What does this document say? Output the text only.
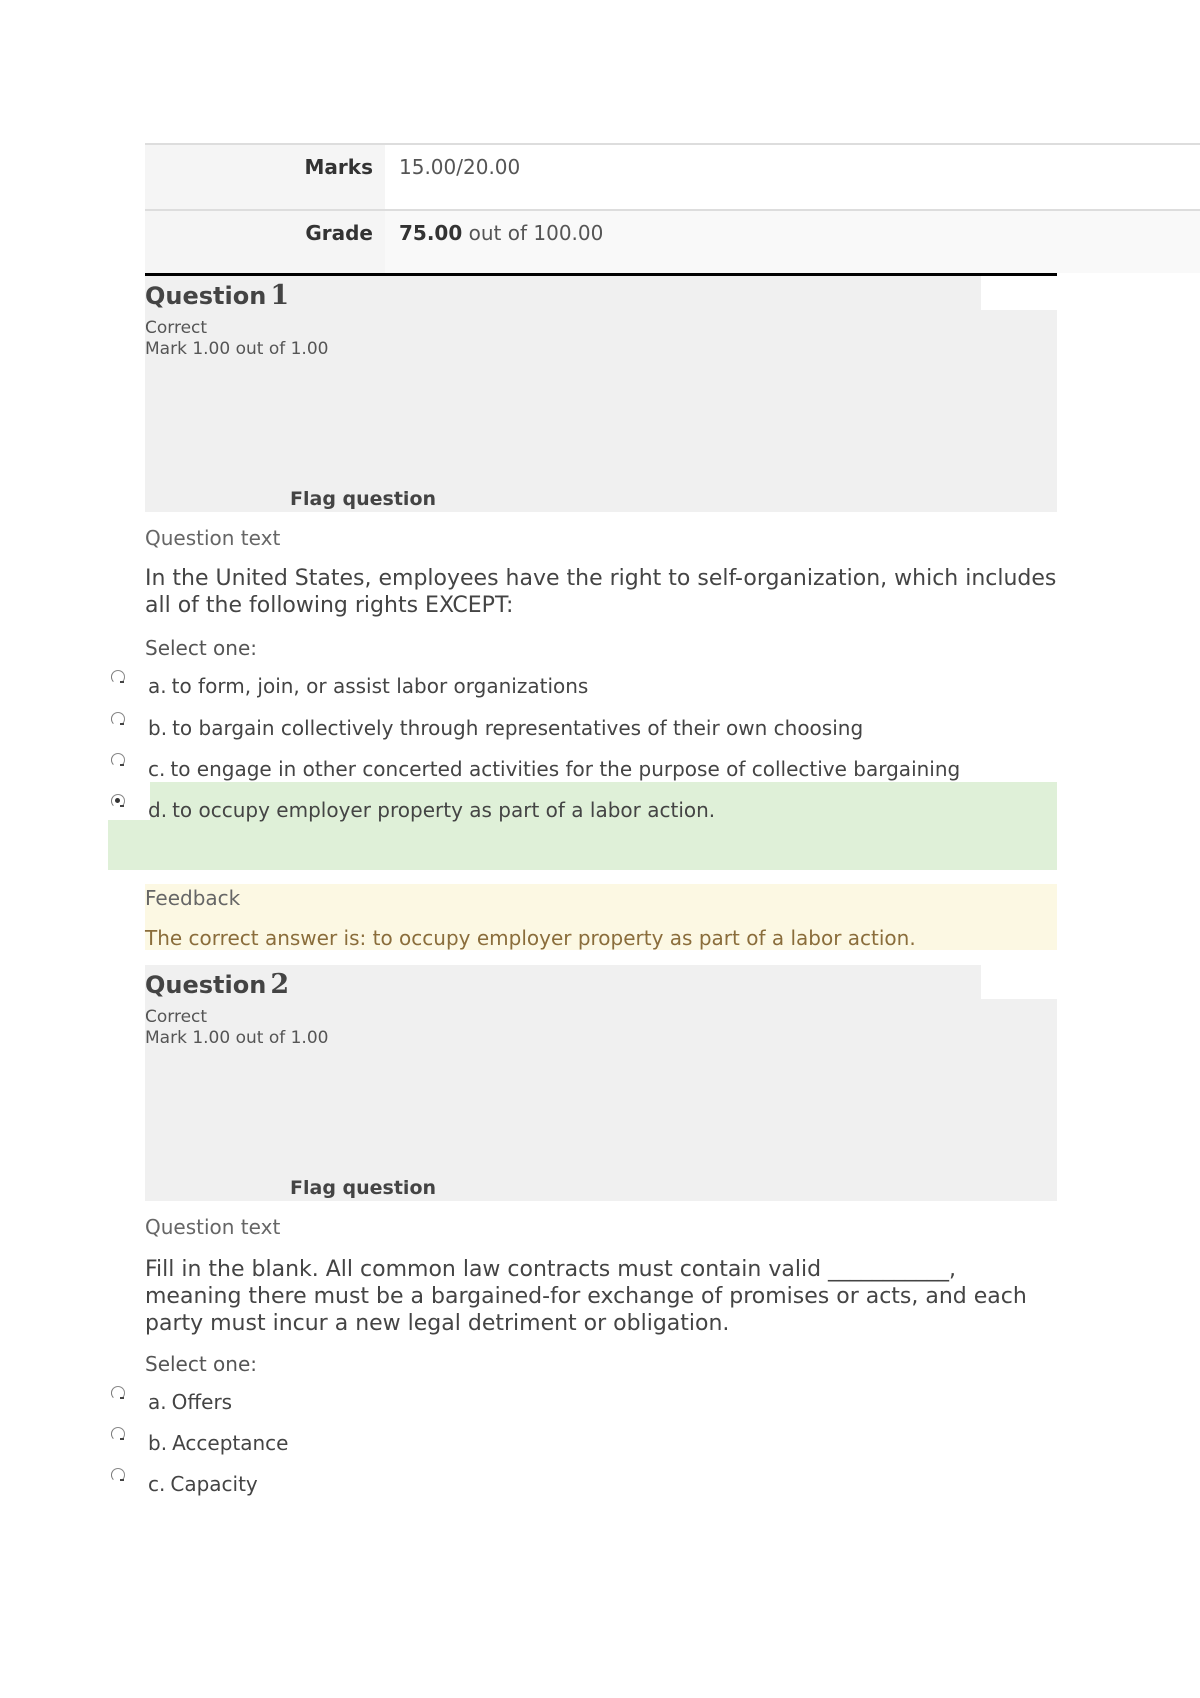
Marks	15.00/20.00
Grade	75.00 out of 100.00
Question 1
Correct
Mark 1.00 out of 1.00
Flag question
Question text
In the United States, employees have the right to self-organization, which includes all of the following rights EXCEPT:
Select one:
a. to form, join, or assist labor organizations
b. to bargain collectively through representatives of their own choosing
c. to engage in other concerted activities for the purpose of collective bargaining
d. to occupy employer property as part of a labor action.
Feedback
The correct answer is: to occupy employer property as part of a labor action.
Question 2
Correct
Mark 1.00 out of 1.00
Flag question
Question text
Fill in the blank. All common law contracts must contain valid ___________, meaning there must be a bargained-for exchange of promises or acts, and each party must incur a new legal detriment or obligation.
Select one:
a. Offers
b. Acceptance
c. Capacity
